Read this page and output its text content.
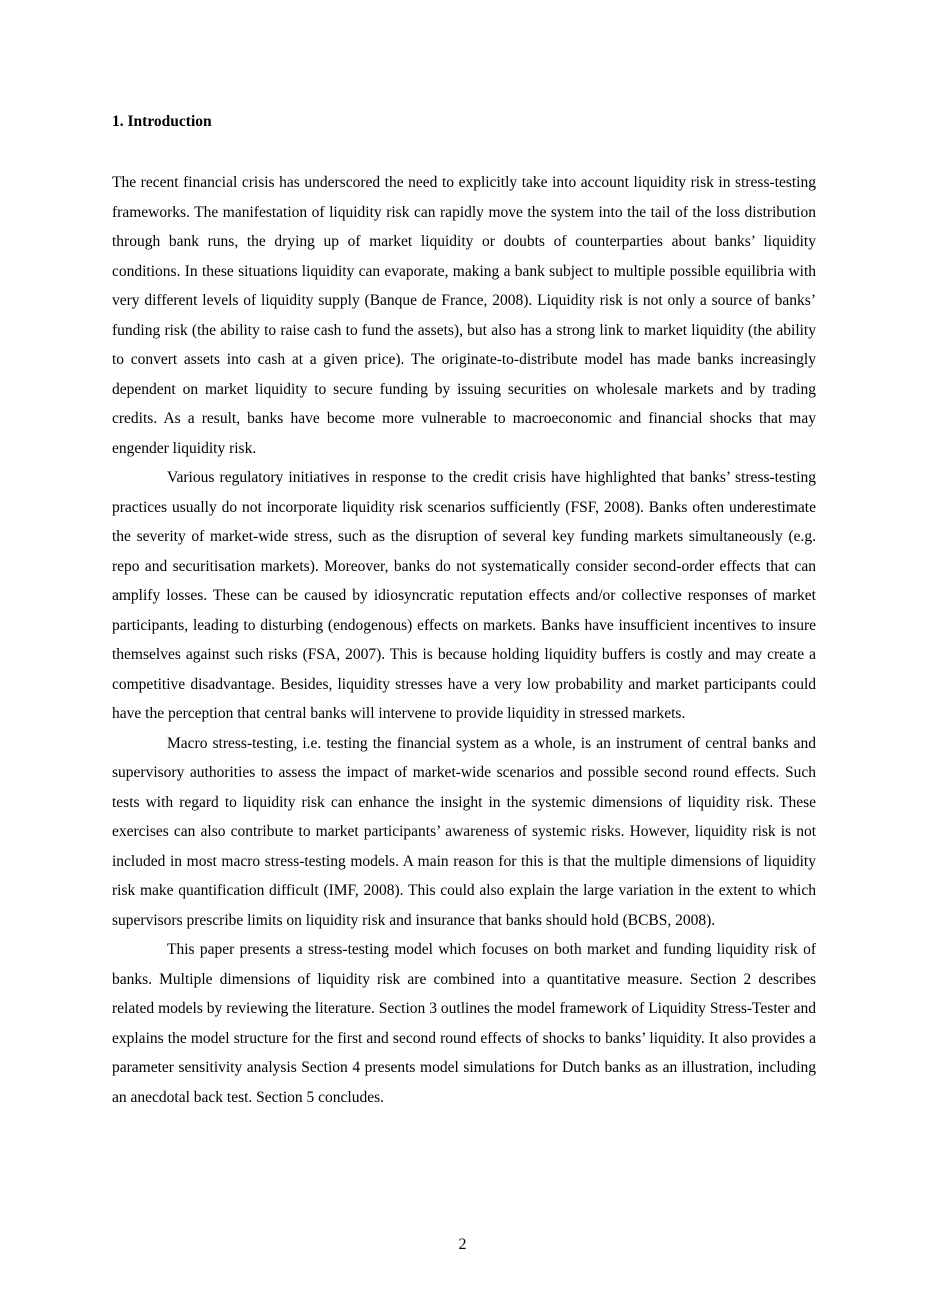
1. Introduction

The recent financial crisis has underscored the need to explicitly take into account liquidity risk in stress-testing frameworks. The manifestation of liquidity risk can rapidly move the system into the tail of the loss distribution through bank runs, the drying up of market liquidity or doubts of counterparties about banks’ liquidity conditions. In these situations liquidity can evaporate, making a bank subject to multiple possible equilibria with very different levels of liquidity supply (Banque de France, 2008). Liquidity risk is not only a source of banks’ funding risk (the ability to raise cash to fund the assets), but also has a strong link to market liquidity (the ability to convert assets into cash at a given price). The originate-to-distribute model has made banks increasingly dependent on market liquidity to secure funding by issuing securities on wholesale markets and by trading credits. As a result, banks have become more vulnerable to macroeconomic and financial shocks that may engender liquidity risk.

Various regulatory initiatives in response to the credit crisis have highlighted that banks’ stress-testing practices usually do not incorporate liquidity risk scenarios sufficiently (FSF, 2008). Banks often underestimate the severity of market-wide stress, such as the disruption of several key funding markets simultaneously (e.g. repo and securitisation markets). Moreover, banks do not systematically consider second-order effects that can amplify losses. These can be caused by idiosyncratic reputation effects and/or collective responses of market participants, leading to disturbing (endogenous) effects on markets. Banks have insufficient incentives to insure themselves against such risks (FSA, 2007). This is because holding liquidity buffers is costly and may create a competitive disadvantage. Besides, liquidity stresses have a very low probability and market participants could have the perception that central banks will intervene to provide liquidity in stressed markets.

Macro stress-testing, i.e. testing the financial system as a whole, is an instrument of central banks and supervisory authorities to assess the impact of market-wide scenarios and possible second round effects. Such tests with regard to liquidity risk can enhance the insight in the systemic dimensions of liquidity risk. These exercises can also contribute to market participants’ awareness of systemic risks. However, liquidity risk is not included in most macro stress-testing models. A main reason for this is that the multiple dimensions of liquidity risk make quantification difficult (IMF, 2008). This could also explain the large variation in the extent to which supervisors prescribe limits on liquidity risk and insurance that banks should hold (BCBS, 2008).

This paper presents a stress-testing model which focuses on both market and funding liquidity risk of banks. Multiple dimensions of liquidity risk are combined into a quantitative measure. Section 2 describes related models by reviewing the literature. Section 3 outlines the model framework of Liquidity Stress-Tester and explains the model structure for the first and second round effects of shocks to banks’ liquidity. It also provides a parameter sensitivity analysis Section 4 presents model simulations for Dutch banks as an illustration, including an anecdotal back test. Section 5 concludes.

2
